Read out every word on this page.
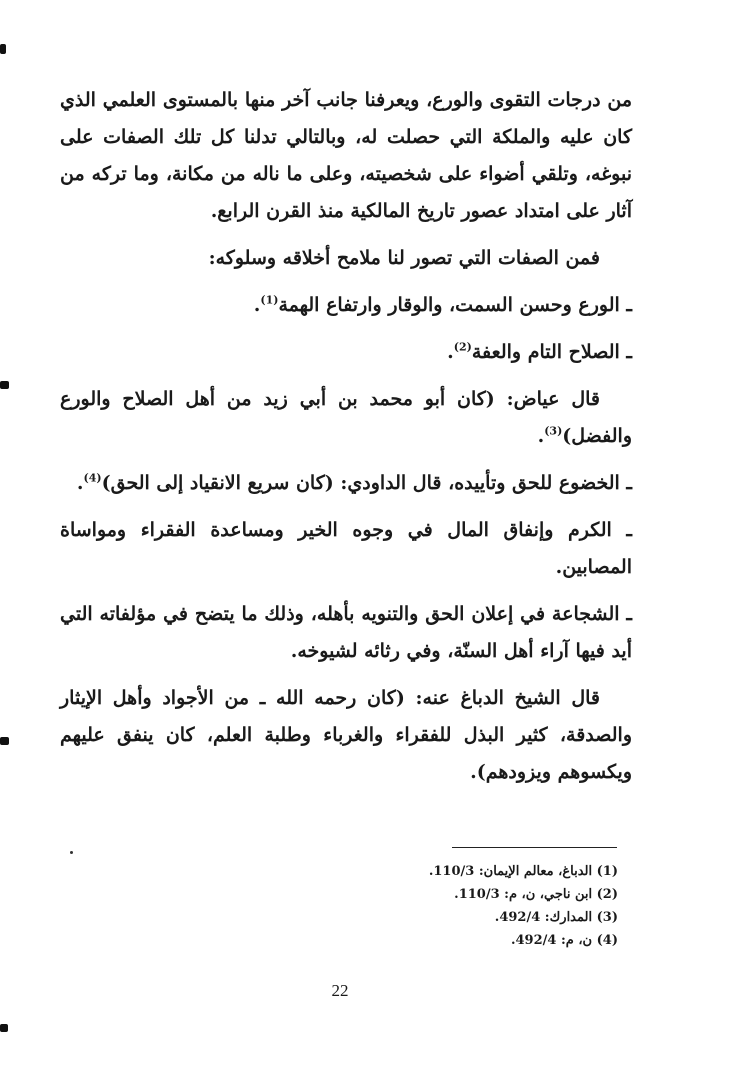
من درجات التقوى والورع، ويعرفنا جانب آخر منها بالمستوى العلمي الذي كان عليه والملكة التي حصلت له، وبالتالي تدلنا كل تلك الصفات على نبوغه، وتلقي أضواء على شخصيته، وعلى ما ناله من مكانة، وما تركه من آثار على امتداد عصور تاريخ المالكية منذ القرن الرابع.

فمن الصفات التي تصور لنا ملامح أخلاقه وسلوكه:

ـ الورع وحسن السمت، والوقار وارتفاع الهمة$^{(1)}$.

ـ الصلاح التام والعفة$^{(2)}$.

قال عياض: (كان أبو محمد بن أبي زيد من أهل الصلاح والورع والفضل)$^{(3)}$.

ـ الخضوع للحق وتأييده، قال الداودي: (كان سريع الانقياد إلى الحق)$^{(4)}$.

ـ الكرم وإنفاق المال في وجوه الخير ومساعدة الفقراء ومواساة المصابين.

ـ الشجاعة في إعلان الحق والتنويه بأهله، وذلك ما يتضح في مؤلفاته التي أيد فيها آراء أهل السنّة، وفي رثائه لشيوخه.

قال الشيخ الدباغ عنه: (كان رحمه الله ـ من الأجواد وأهل الإيثار والصدقة، كثير البذل للفقراء والغرباء وطلبة العلم، كان ينفق عليهم ويكسوهم ويزودهم).

(1) الدباغ، معالم الإيمان: 110/3.
(2) ابن ناجي، ن، م: 110/3.
(3) المدارك: 492/4.
(4) ن، م: 492/4.
22
